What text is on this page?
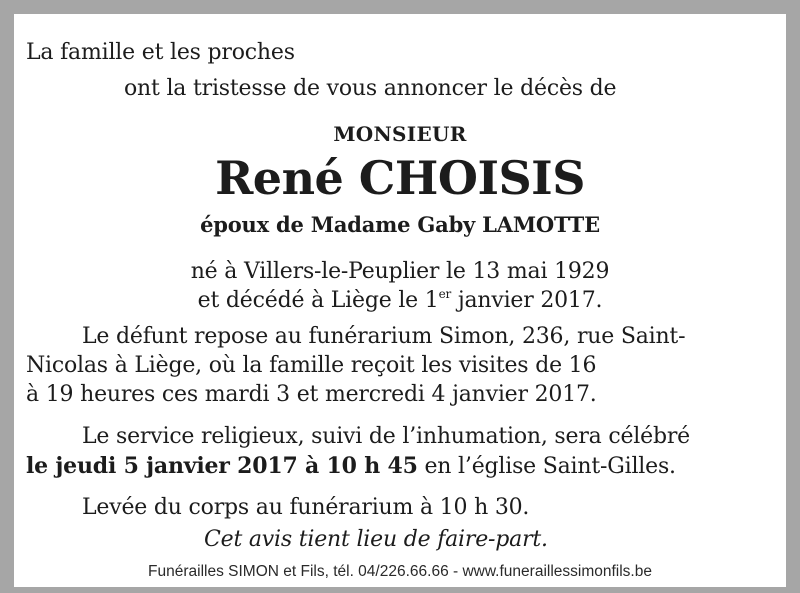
La famille et les proches
ont la tristesse de vous annoncer le décès de
MONSIEUR
René CHOISIS
époux de Madame Gaby LAMOTTE
né à Villers-le-Peuplier le 13 mai 1929
et décédé à Liège le 1er janvier 2017.
Le défunt repose au funérarium Simon, 236, rue Saint-
Nicolas à Liège, où la famille reçoit les visites de 16
à 19 heures ces mardi 3 et mercredi 4 janvier 2017.
Le service religieux, suivi de l’inhumation, sera célébré
le jeudi 5 janvier 2017 à 10 h 45 en l’église Saint-Gilles.
Levée du corps au funérarium à 10 h 30.
Cet avis tient lieu de faire-part.
Funérailles SIMON et Fils, tél. 04/226.66.66 - www.funeraillessimonfils.be
